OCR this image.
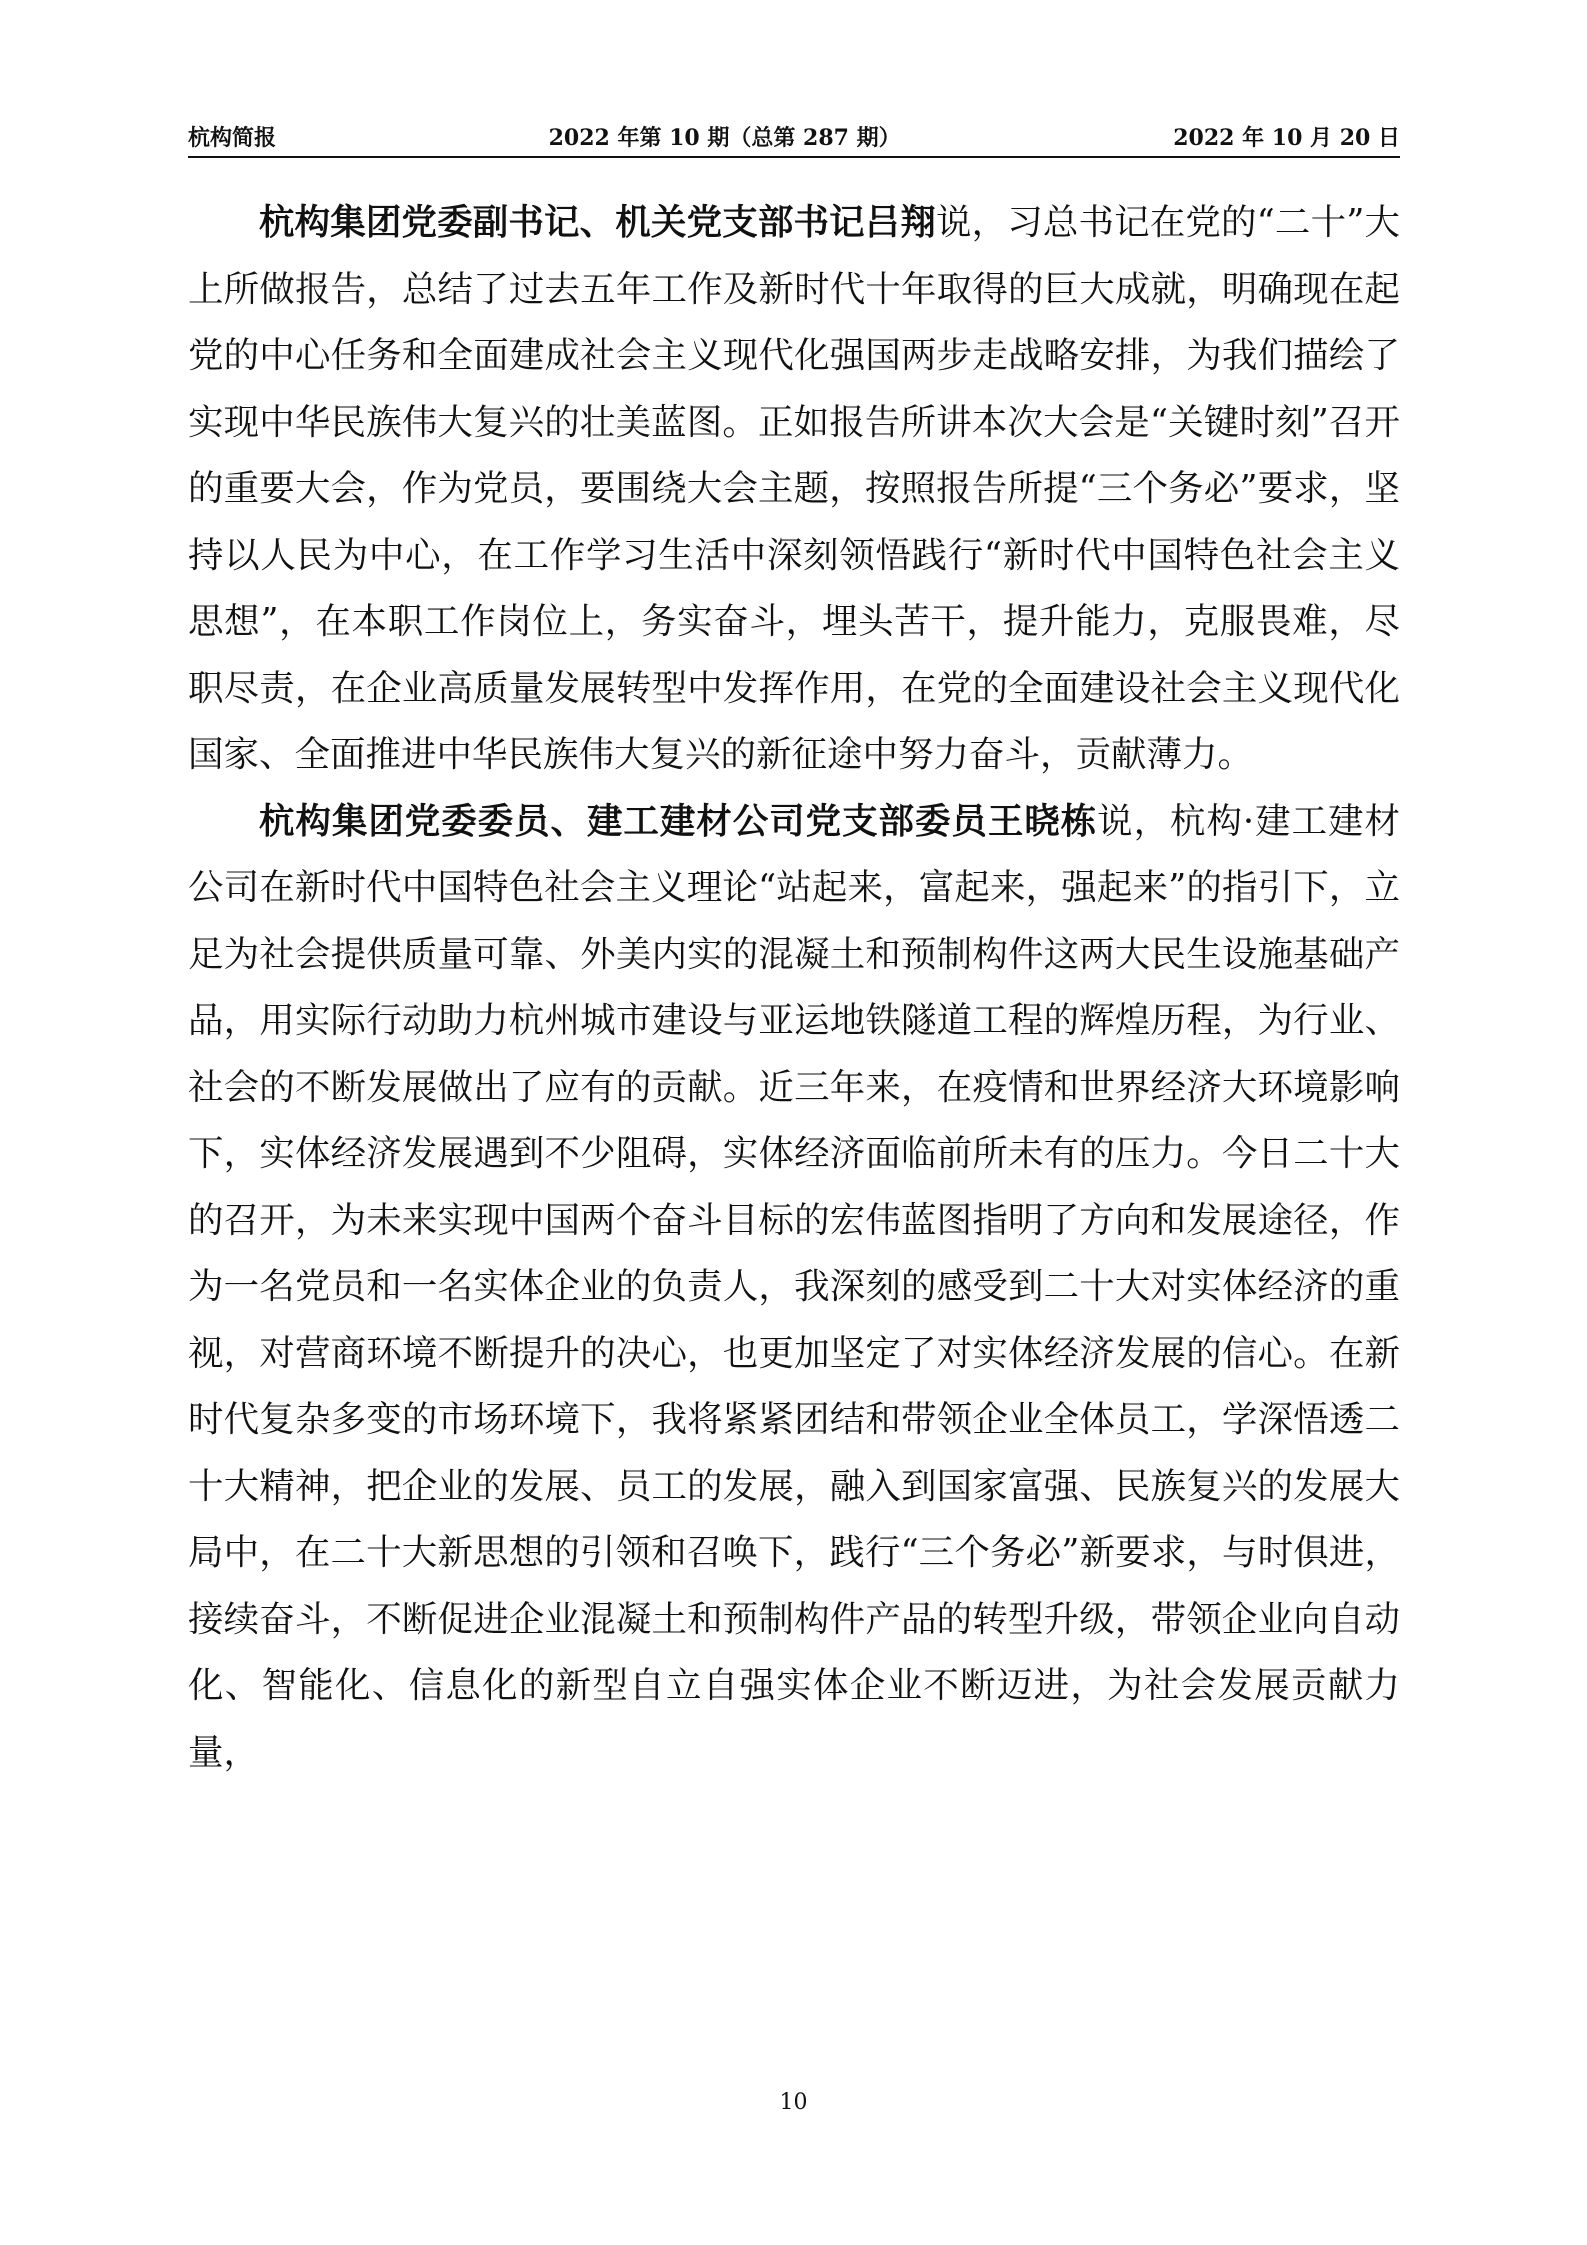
杭构简报	2022 年第 10 期（总第 287 期）	2022 年 10 月 20 日

杭构集团党委副书记、机关党支部书记吕翔说，习总书记在党的“二十”大上所做报告，总结了过去五年工作及新时代十年取得的巨大成就，明确现在起党的中心任务和全面建成社会主义现代化强国两步走战略安排，为我们描绘了实现中华民族伟大复兴的壮美蓝图。正如报告所讲本次大会是“关键时刻”召开的重要大会，作为党员，要围绕大会主题，按照报告所提“三个务必”要求，坚持以人民为中心，在工作学习生活中深刻领悟践行“新时代中国特色社会主义思想”，在本职工作岗位上，务实奋斗，埋头苦干，提升能力，克服畏难，尽职尽责，在企业高质量发展转型中发挥作用，在党的全面建设社会主义现代化国家、全面推进中华民族伟大复兴的新征途中努力奋斗，贡献薄力。

杭构集团党委委员、建工建材公司党支部委员王晓栋说，杭构·建工建材公司在新时代中国特色社会主义理论“站起来，富起来，强起来”的指引下，立足为社会提供质量可靠、外美内实的混凝土和预制构件这两大民生设施基础产品，用实际行动助力杭州城市建设与亚运地铁隧道工程的辉煌历程，为行业、社会的不断发展做出了应有的贡献。近三年来，在疫情和世界经济大环境影响下，实体经济发展遇到不少阻碍，实体经济面临前所未有的压力。今日二十大的召开，为未来实现中国两个奋斗目标的宏伟蓝图指明了方向和发展途径，作为一名党员和一名实体企业的负责人，我深刻的感受到二十大对实体经济的重视，对营商环境不断提升的决心，也更加坚定了对实体经济发展的信心。在新时代复杂多变的市场环境下，我将紧紧团结和带领企业全体员工，学深悟透二十大精神，把企业的发展、员工的发展，融入到国家富强、民族复兴的发展大局中，在二十大新思想的引领和召唤下，践行“三个务必”新要求，与时俱进，接续奋斗，不断促进企业混凝土和预制构件产品的转型升级，带领企业向自动化、智能化、信息化的新型自立自强实体企业不断迈进，为社会发展贡献力量，

10
